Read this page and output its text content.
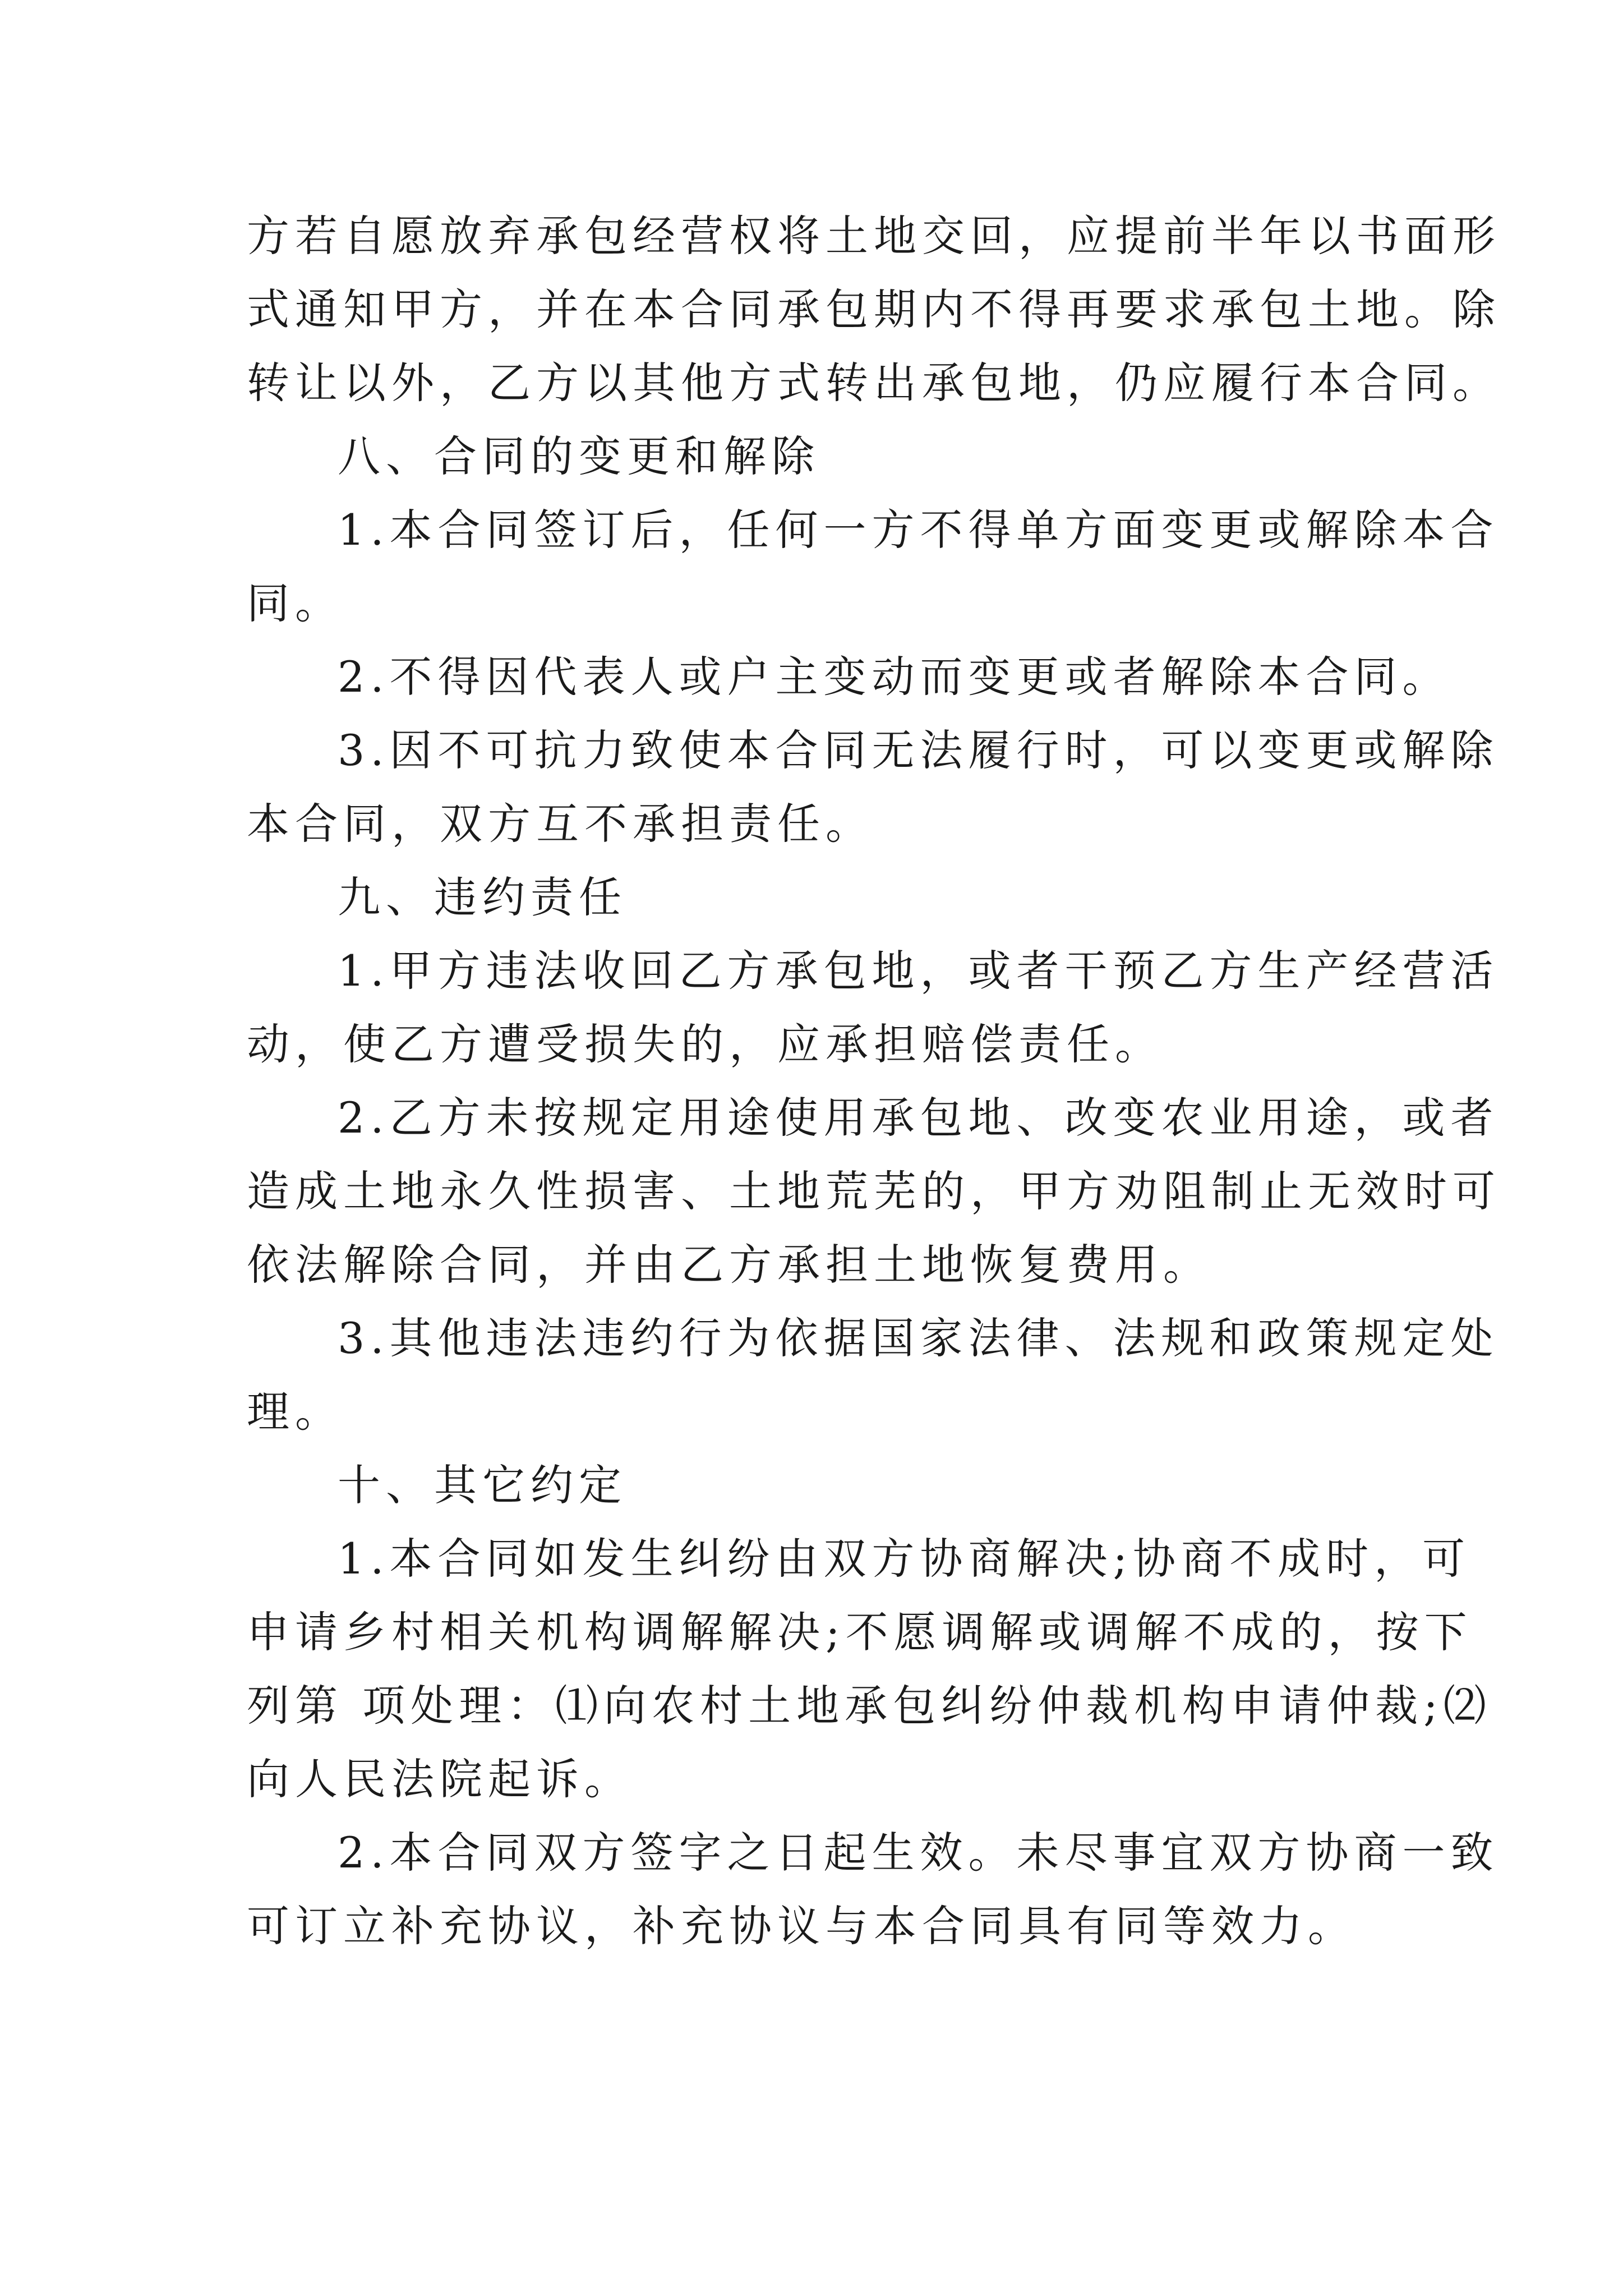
方若自愿放弃承包经营权将土地交回，应提前半年以书面形
式通知甲方，并在本合同承包期内不得再要求承包土地。除
转让以外，乙方以其他方式转出承包地，仍应履行本合同。
八、合同的变更和解除
1.本合同签订后，任何一方不得单方面变更或解除本合
同。
2.不得因代表人或户主变动而变更或者解除本合同。
3.因不可抗力致使本合同无法履行时，可以变更或解除
本合同，双方互不承担责任。
九、违约责任
1.甲方违法收回乙方承包地，或者干预乙方生产经营活
动，使乙方遭受损失的，应承担赔偿责任。
2.乙方未按规定用途使用承包地、改变农业用途，或者
造成土地永久性损害、土地荒芜的，甲方劝阻制止无效时可
依法解除合同，并由乙方承担土地恢复费用。
3.其他违法违约行为依据国家法律、法规和政策规定处
理。
十、其它约定
1.本合同如发生纠纷由双方协商解决;协商不成时，可
申请乡村相关机构调解解决;不愿调解或调解不成的，按下
列第 项处理：⑴向农村土地承包纠纷仲裁机构申请仲裁;⑵
向人民法院起诉。
2.本合同双方签字之日起生效。未尽事宜双方协商一致
可订立补充协议，补充协议与本合同具有同等效力。
